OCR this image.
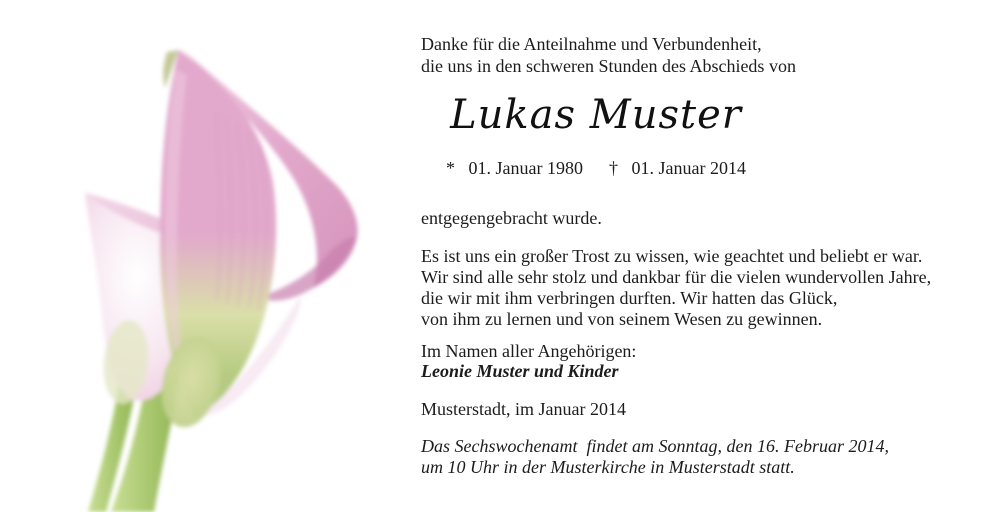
Danke für die Anteilnahme und Verbundenheit,
die uns in den schweren Stunden des Abschieds von
Lukas Muster
* 01. Januar 1980 † 01. Januar 2014
entgegengebracht wurde.
Es ist uns ein großer Trost zu wissen, wie geachtet und beliebt er war.
Wir sind alle sehr stolz und dankbar für die vielen wundervollen Jahre,
die wir mit ihm verbringen durften. Wir hatten das Glück,
von ihm zu lernen und von seinem Wesen zu gewinnen.
Im Namen aller Angehörigen:
Leonie Muster und Kinder
Musterstadt, im Januar 2014
Das Sechswochenamt  findet am Sonntag, den 16. Februar 2014,
um 10 Uhr in der Musterkirche in Musterstadt statt.
